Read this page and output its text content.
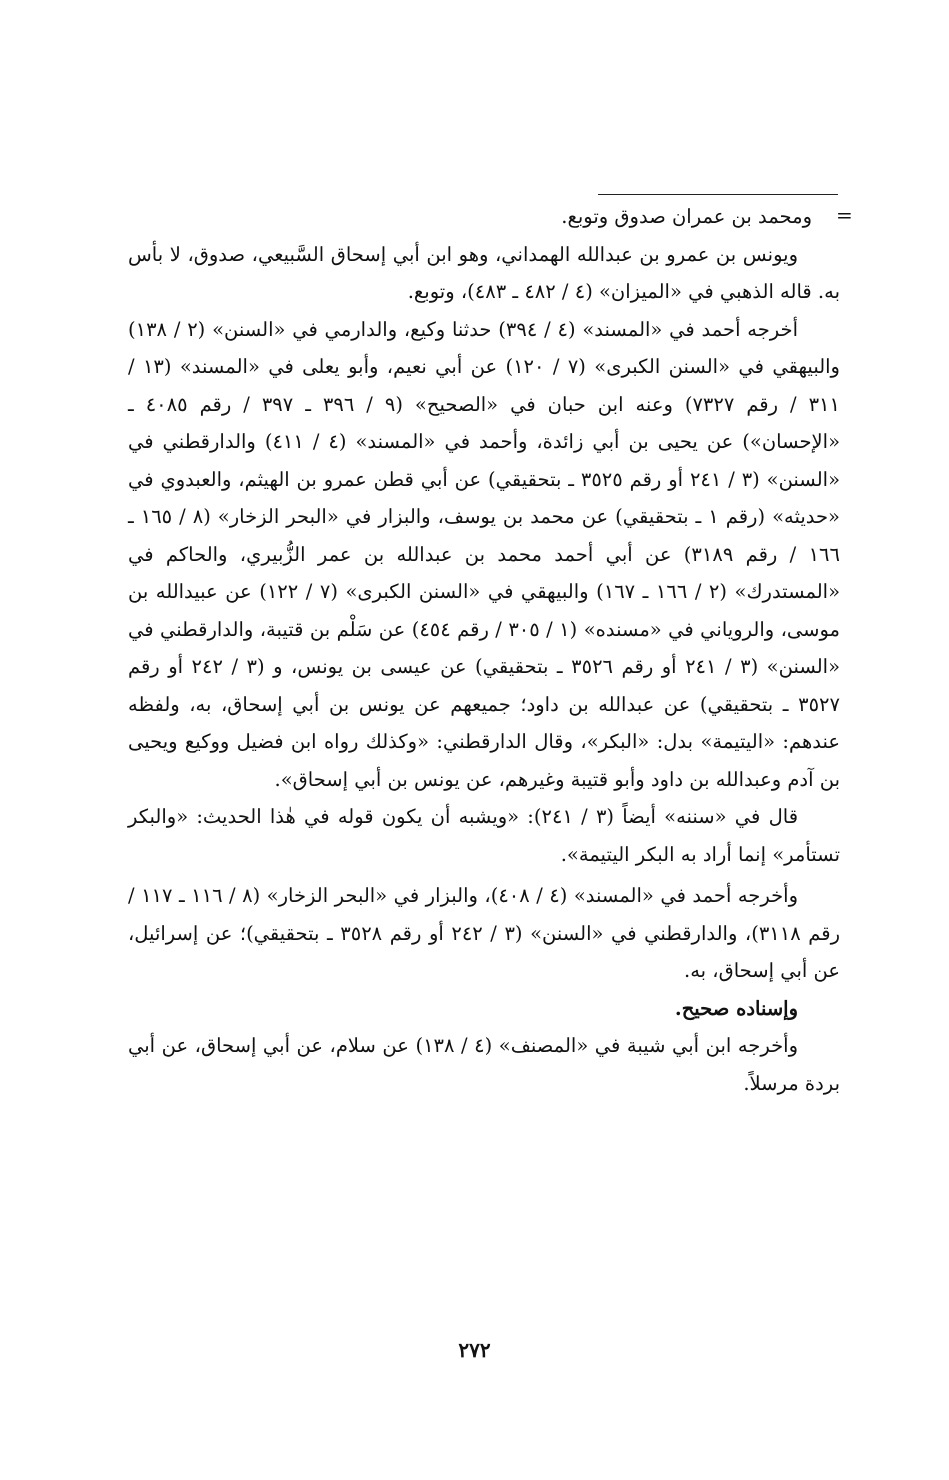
=

ومحمد بن عمران صدوق وتوبع.

ويونس بن عمرو بن عبدالله الهمداني، وهو ابن أبي إسحاق السَّبيعي، صدوق، لا بأس به. قاله الذهبي في «الميزان» (٤ / ٤٨٢ ـ ٤٨٣)، وتوبع.

أخرجه أحمد في «المسند» (٤ / ٣٩٤) حدثنا وكيع، والدارمي في «السنن» (٢ / ١٣٨) والبيهقي في «السنن الكبرى» (٧ / ١٢٠) عن أبي نعيم، وأبو يعلى في «المسند» (١٣ / ٣١١ / رقم ٧٣٢٧) وعنه ابن حبان في «الصحيح» (٩ / ٣٩٦ ـ ٣٩٧ / رقم ٤٠٨٥ ـ «الإحسان») عن يحيى بن أبي زائدة، وأحمد في «المسند» (٤ / ٤١١) والدارقطني في «السنن» (٣ / ٢٤١ أو رقم ٣٥٢٥ ـ بتحقيقي) عن أبي قطن عمرو بن الهيثم، والعبدوي في «حديثه» (رقم ١ ـ بتحقيقي) عن محمد بن يوسف، والبزار في «البحر الزخار» (٨ / ١٦٥ ـ ١٦٦ / رقم ٣١٨٩) عن أبي أحمد محمد بن عبدالله بن عمر الزُّبيري، والحاكم في «المستدرك» (٢ / ١٦٦ ـ ١٦٧) والبيهقي في «السنن الكبرى» (٧ / ١٢٢) عن عبيدالله بن موسى، والروياني في «مسنده» (١ / ٣٠٥ / رقم ٤٥٤) عن سَلْم بن قتيبة، والدارقطني في «السنن» (٣ / ٢٤١ أو رقم ٣٥٢٦ ـ بتحقيقي) عن عيسى بن يونس، و (٣ / ٢٤٢ أو رقم ٣٥٢٧ ـ بتحقيقي) عن عبدالله بن داود؛ جميعهم عن يونس بن أبي إسحاق، به، ولفظه عندهم: «اليتيمة» بدل: «البكر»، وقال الدارقطني: «وكذلك رواه ابن فضيل ووكيع ويحيى بن آدم وعبدالله بن داود وأبو قتيبة وغيرهم، عن يونس بن أبي إسحاق».

قال في «سننه» أيضاً (٣ / ٢٤١): «ويشبه أن يكون قوله في هٰذا الحديث: «والبكر تستأمر» إنما أراد به البكر اليتيمة».

وأخرجه أحمد في «المسند» (٤ / ٤٠٨)، والبزار في «البحر الزخار» (٨ / ١١٦ ـ ١١٧ / رقم ٣١١٨)، والدارقطني في «السنن» (٣ / ٢٤٢ أو رقم ٣٥٢٨ ـ بتحقيقي)؛ عن إسرائيل، عن أبي إسحاق، به.

وإسناده صحيح.

وأخرجه ابن أبي شيبة في «المصنف» (٤ / ١٣٨) عن سلام، عن أبي إسحاق، عن أبي بردة مرسلاً.

٢٧٢
